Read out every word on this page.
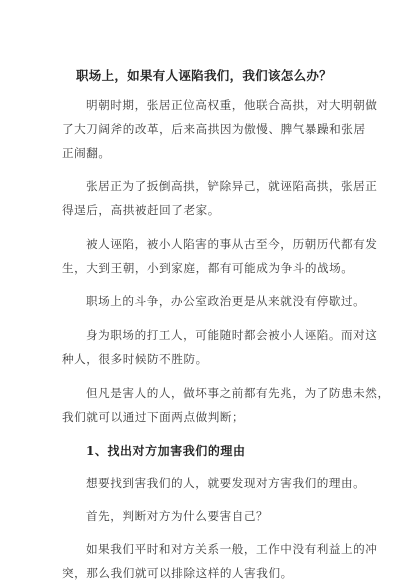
职场上，如果有人诬陷我们，我们该怎么办？
明朝时期，张居正位高权重，他联合高拱，对大明朝做
了大刀阔斧的改革，后来高拱因为傲慢、脾气暴躁和张居
正闹翻。
张居正为了扳倒高拱，铲除异己，就诬陷高拱，张居正
得逞后，高拱被赶回了老家。
被人诬陷，被小人陷害的事从古至今，历朝历代都有发
生，大到王朝，小到家庭，都有可能成为争斗的战场。
职场上的斗争，办公室政治更是从来就没有停歇过。
身为职场的打工人，可能随时都会被小人诬陷。而对这
种人，很多时候防不胜防。
但凡是害人的人，做坏事之前都有先兆，为了防患未然，
我们就可以通过下面两点做判断；
1、找出对方加害我们的理由
想要找到害我们的人，就要发现对方害我们的理由。
首先，判断对方为什么要害自己？
如果我们平时和对方关系一般，工作中没有利益上的冲
突，那么我们就可以排除这样的人害我们。
